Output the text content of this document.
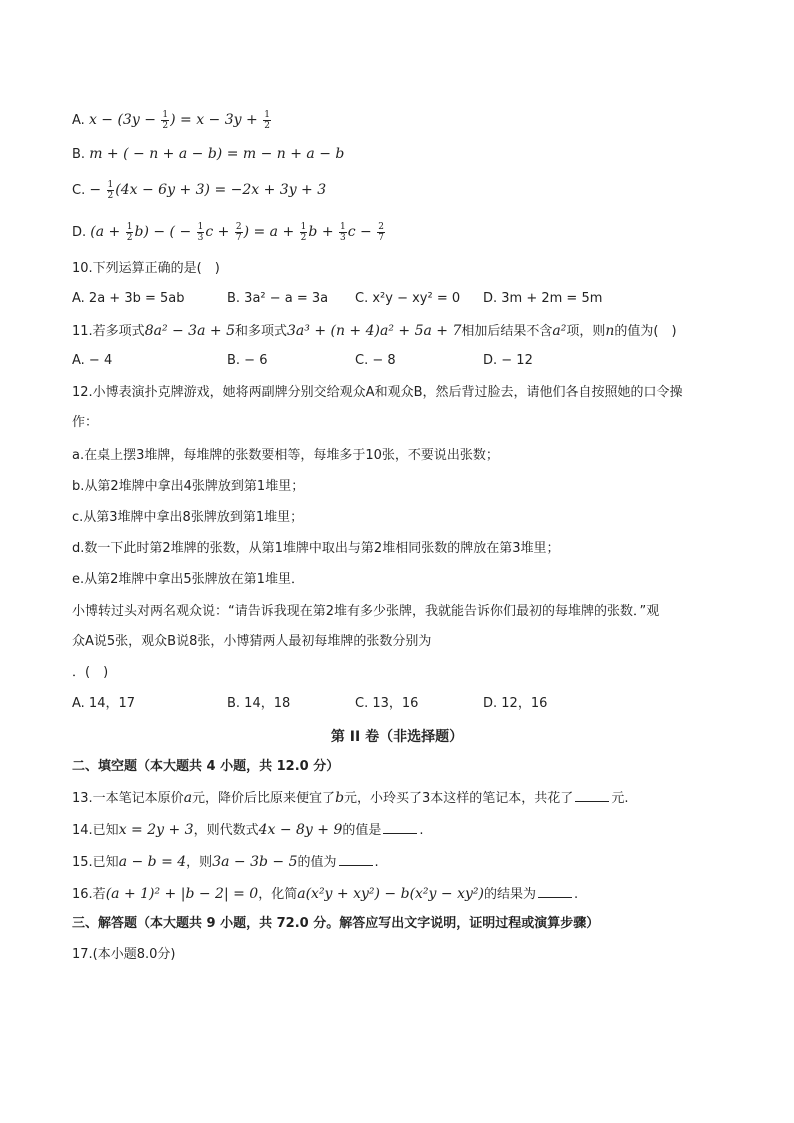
A. $x - (3y - \frac{1}{2}$ ) = $x - 3y + \frac{1}{2}$
B. m + ( − n + a − b) = m − n + a − b
C. − $\frac{1}{2} (4x - 6y + 3) = -2x + 3y + 3$
D. $(a + \frac{1}{2} b)$ − ( − $\frac{1}{3}$ $c + \frac{2}{7}$ ) = $a + \frac{1}{2}$ $b + \frac{1}{3}$ $c - \frac{2}{7}$
10.下列运算正确的是(　)
A. 2a + 3b = 5ab	B. 3a² − a = 3a C. x²y − xy² = 0 D. 3m + 2m = 5m
11.若多项式8a² − 3a + 5和多项式3a³ + (n + 4)a² + 5a + 7相加后结果不含a²项，则n的值为(　)
A. − 4	B. − 6	C. − 8	D. − 12
12.小博表演扑克牌游戏，她将两副牌分别交给观众A和观众B，然后背过脸去，请他们各自按照她的口令操
作：
a.在桌上摆3堆牌，每堆牌的张数要相等，每堆多于10张，不要说出张数；
b.从第2堆牌中拿出4张牌放到第1堆里；
c.从第3堆牌中拿出8张牌放到第1堆里；
d.数一下此时第2堆牌的张数，从第1堆牌中取出与第2堆相同张数的牌放在第3堆里；
e.从第2堆牌中拿出5张牌放在第1堆里．
小博转过头对两名观众说：“请告诉我现在第2堆有多少张牌，我就能告诉你们最初的每堆牌的张数．”观
众A说5张，观众B说8张，小博猜两人最初每堆牌的张数分别为
．(　)
A. 14，17	B. 14，18	C. 13，16	D. 12，16
第 II 卷（非选择题）
二、填空题（本大题共 4 小题，共 12.0 分）
13.一本笔记本原价a元，降价后比原来便宜了b元，小玲买了3本这样的笔记本，共花了	元.
14.已知x = 2y + 3，则代数式4x − 8y + 9的值是	.
15.已知a − b = 4，则3a − 3b − 5的值为	.
16.若(a + 1)² + |b − 2| = 0，化简a(x²y + xy²) − b(x²y − xy²)的结果为	.
三、解答题（本大题共 9 小题，共 72.0 分。解答应写出文字说明，证明过程或演算步骤）
17.(本小题8.0分)
